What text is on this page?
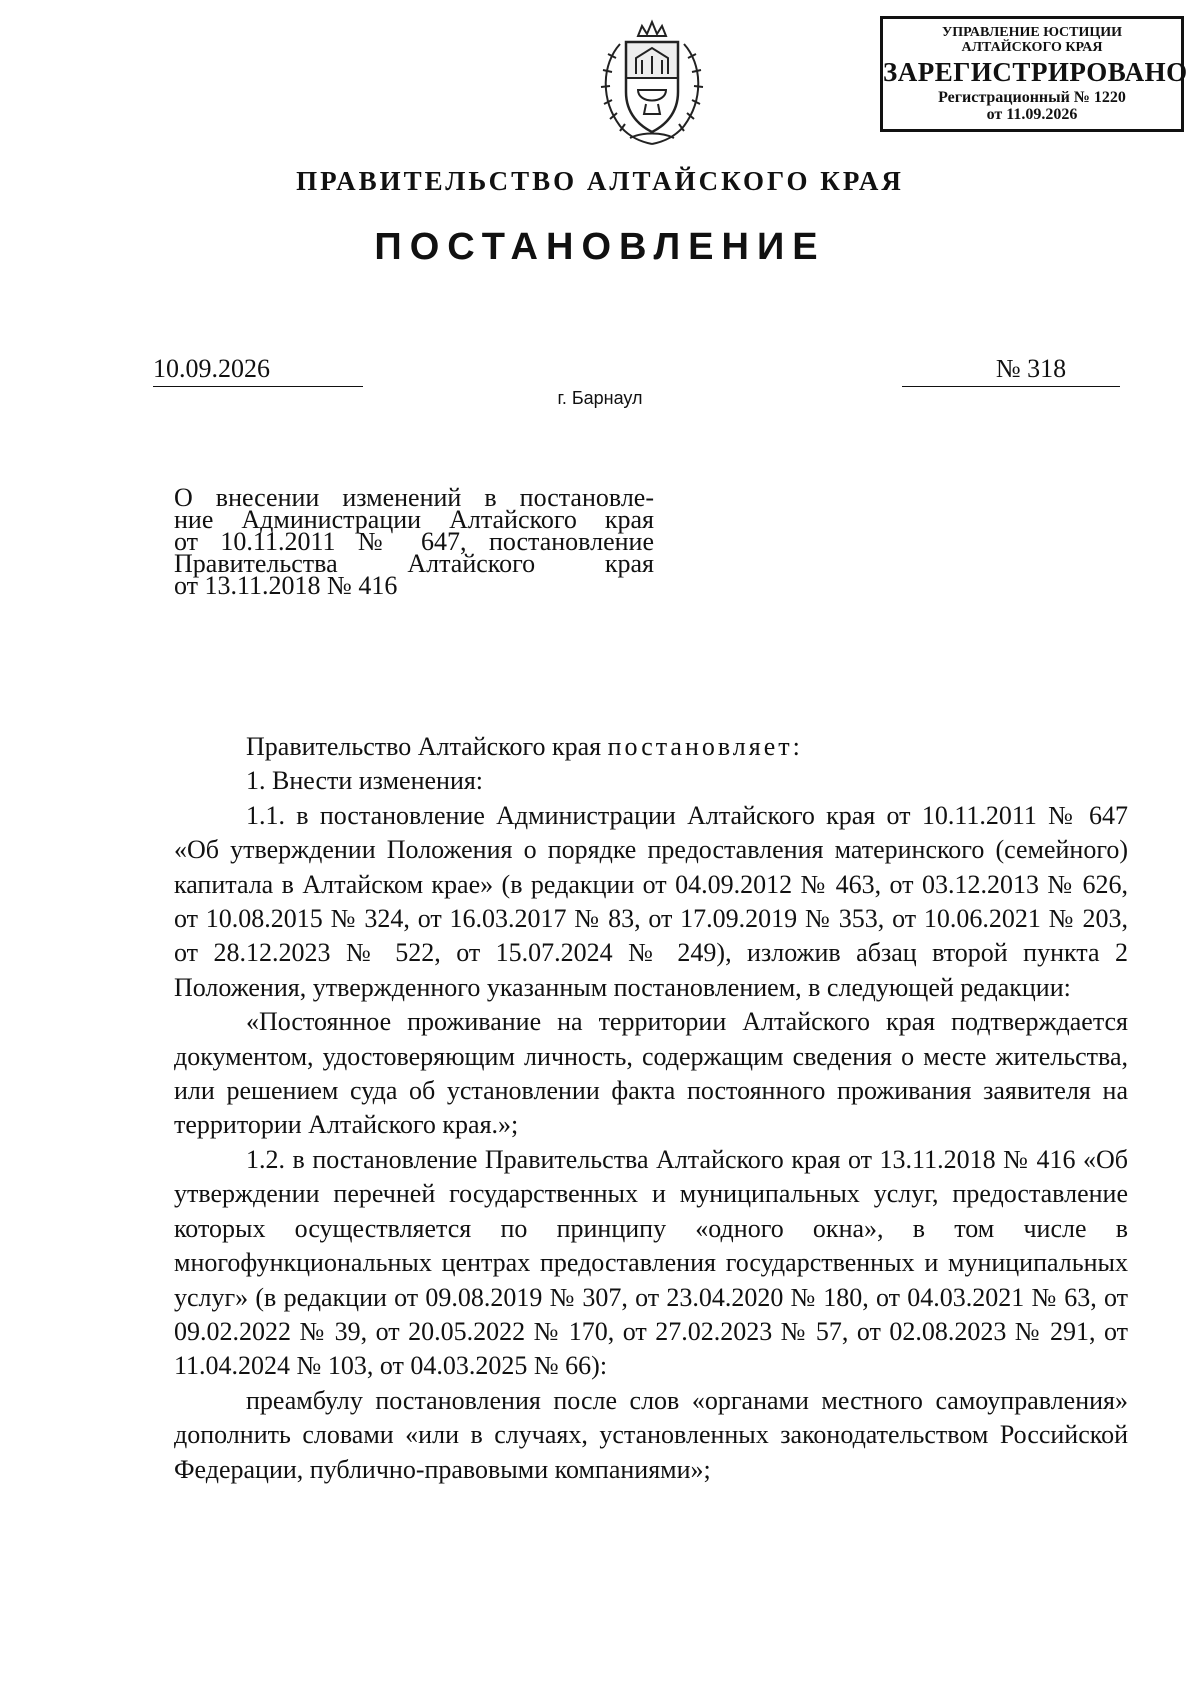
УПРАВЛЕНИЕ ЮСТИЦИИ
АЛТАЙСКОГО КРАЯ
ЗАРЕГИСТРИРОВАНО
Регистрационный № 1220
от 11.09.2026
ПРАВИТЕЛЬСТВО АЛТАЙСКОГО КРАЯ
ПОСТАНОВЛЕНИЕ
10.09.2026	№ 318
г. Барнаул
О внесении изменений в постановле-
ние Администрации Алтайского края
от 10.11.2011 № 647, постановление
Правительства Алтайского края
от 13.11.2018 № 416

Правительство Алтайского края постановляет:

1. Внести изменения:

1.1. в постановление Администрации Алтайского края от 10.11.2011 № 647 «Об утверждении Положения о порядке предоставления материнского (семейного) капитала в Алтайском крае» (в редакции от 04.09.2012 № 463, от 03.12.2013 № 626, от 10.08.2015 № 324, от 16.03.2017 № 83, от 17.09.2019 № 353, от 10.06.2021 № 203, от 28.12.2023 № 522, от 15.07.2024 № 249), изложив абзац второй пункта 2 Положения, утвержденного указанным постановлением, в следующей редакции:

«Постоянное проживание на территории Алтайского края подтверждается документом, удостоверяющим личность, содержащим сведения о месте жительства, или решением суда об установлении факта постоянного проживания заявителя на территории Алтайского края.»;

1.2. в постановление Правительства Алтайского края от 13.11.2018 № 416 «Об утверждении перечней государственных и муниципальных услуг, предоставление которых осуществляется по принципу «одного окна», в том числе в многофункциональных центрах предоставления государственных и муниципальных услуг» (в редакции от 09.08.2019 № 307, от 23.04.2020 № 180, от 04.03.2021 № 63, от 09.02.2022 № 39, от 20.05.2022 № 170, от 27.02.2023 № 57, от 02.08.2023 № 291, от 11.04.2024 № 103, от 04.03.2025 № 66):

преамбулу постановления после слов «органами местного самоуправления» дополнить словами «или в случаях, установленных законодательством Российской Федерации, публично-правовыми компаниями»;
